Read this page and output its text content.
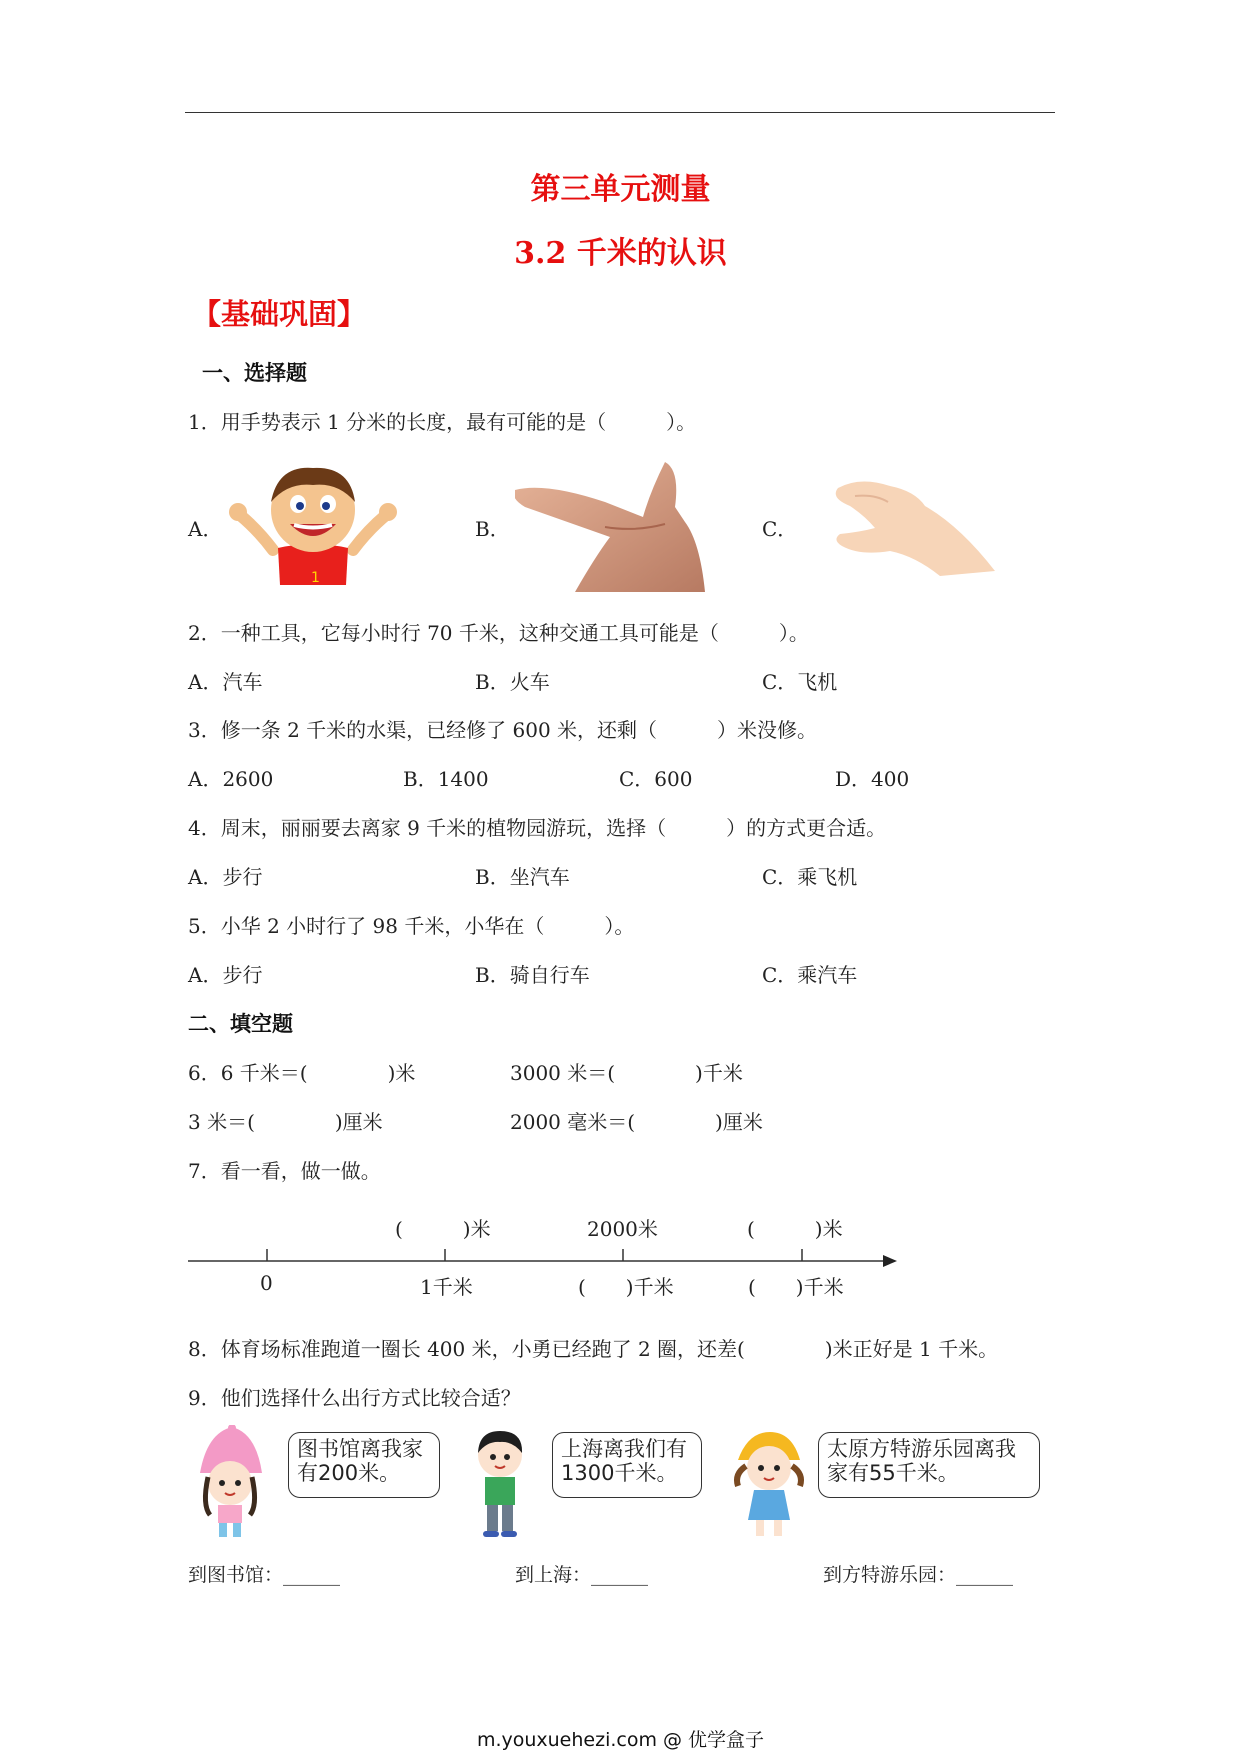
第三单元测量
3.2 千米的认识
【基础巩固】
一、选择题
1．用手势表示 1 分米的长度，最有可能的是（　　　）。
A．	B．	C．
1
2．一种工具，它每小时行 70 千米，这种交通工具可能是（　　　）。
A．汽车	B．火车	C．飞机
3．修一条 2 千米的水渠，已经修了 600 米，还剩（　　　）米没修。
A．2600	B．1400	C．600	D．400
4．周末，丽丽要去离家 9 千米的植物园游玩，选择（　　　）的方式更合适。
A．步行	B．坐汽车	C．乘飞机
5．小华 2 小时行了 98 千米，小华在（　　　）。
A．步行	B．骑自行车	C．乘汽车
二、填空题
6．6 千米＝(　　　　)米	3000 米＝(　　　　)千米
3 米＝(　　　　)厘米	2000 毫米＝(　　　　)厘米
7．看一看，做一做。
(　　　)米	2000米	(　　　)米
0	1千米	(　　)千米	(　　)千米
8．体育场标准跑道一圈长 400 米，小勇已经跑了 2 圈，还差(　　　　)米正好是 1 千米。
9．他们选择什么出行方式比较合适？
图书馆离我家
有200米。
上海离我们有
1300千米。
太原方特游乐园离我
家有55千米。
到图书馆：______	到上海：______	到方特游乐园：______
m.youxuehezi.com @ 优学盒子
